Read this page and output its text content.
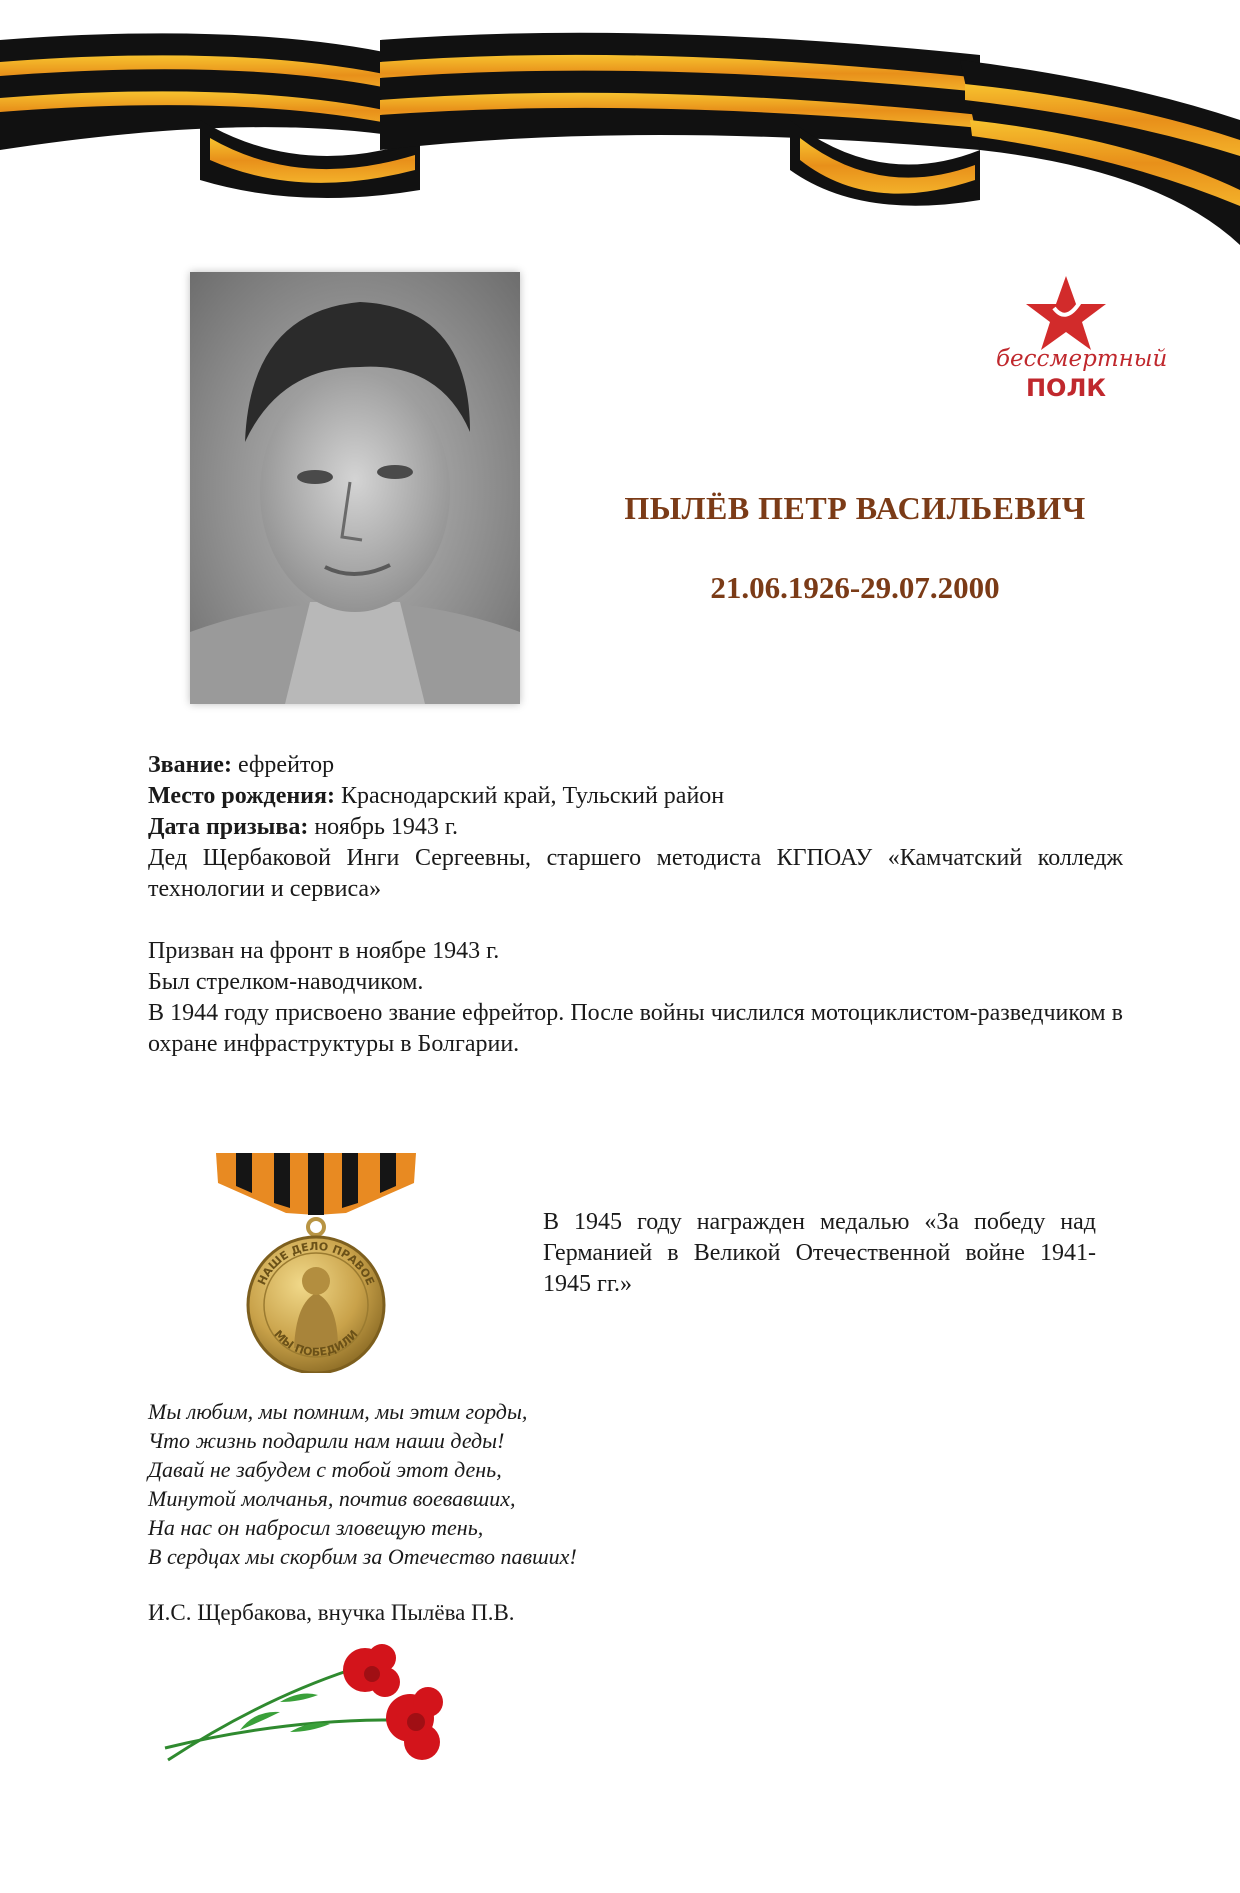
бессмертный
ПОЛК
ПЫЛЁВ ПЕТР ВАСИЛЬЕВИЧ
21.06.1926-29.07.2000

Звание: ефрейтор

Место рождения: Краснодарский край, Тульский район

Дата призыва: ноябрь 1943 г.

Дед Щербаковой Инги Сергеевны, старшего методиста КГПОАУ «Камчатский колледж технологии и сервиса»

Призван на фронт в ноябре 1943 г.

Был стрелком-наводчиком.

В 1944 году присвоено звание ефрейтор. После войны числился мотоциклистом-разведчиком в охране инфраструктуры в Болгарии.

НАШЕ ДЕЛО ПРАВОЕ
МЫ ПОБЕДИЛИ
В 1945 году награжден медалью «За победу над Германией в Великой Отечественной войне 1941-1945 гг.»
Мы любим, мы помним, мы этим горды,
Что жизнь подарили нам наши деды!
Давай не забудем с тобой этот день,
Минутой молчанья, почтив воевавших,
На нас он набросил зловещую тень,
В сердцах мы скорбим за Отечество павших!
И.С. Щербакова, внучка Пылёва П.В.
